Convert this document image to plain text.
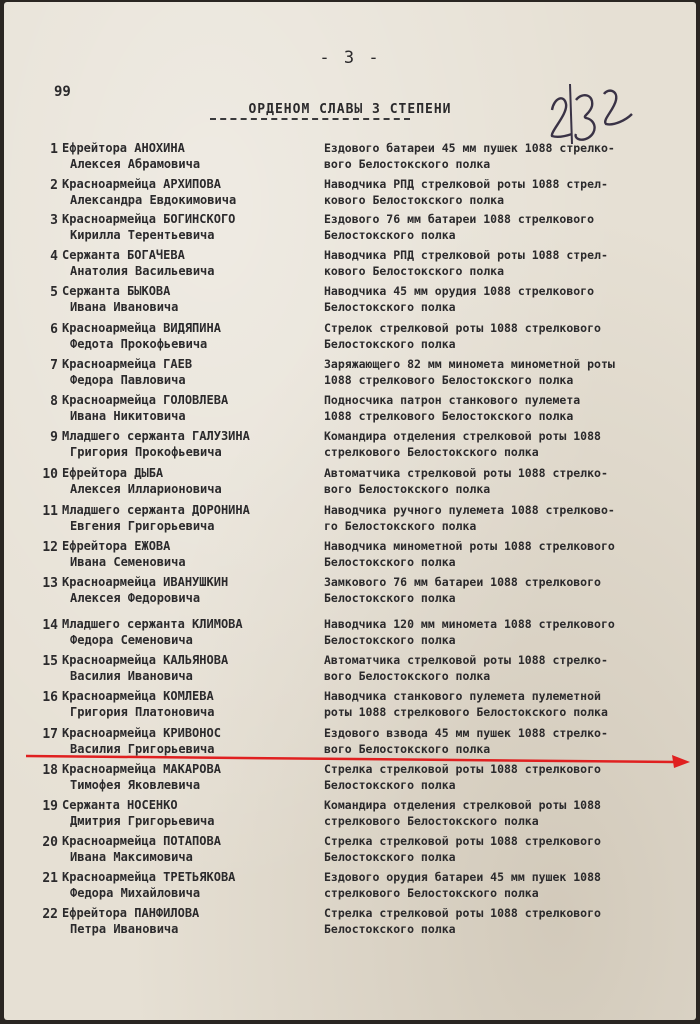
- 3 -
99
283
ОРДЕНОМ СЛАВЫ 3 СТЕПЕНИ
1 Ефрейтора АНОХИНА
Алексея Абрамовича
Ездового батареи 45 мм пушек 1088 стрелко-
вого Белостокского полка
2 Красноармейца АРХИПОВА
Александра Евдокимовича
Наводчика РПД стрелковой роты 1088 стрел-
кового Белостокского полка
3 Красноармейца БОГИНСКОГО
Кирилла Терентьевича
Ездового 76 мм батареи 1088 стрелкового
Белостокского полка
4 Сержанта БОГАЧЕВА
Анатолия Васильевича
Наводчика РПД стрелковой роты 1088 стрел-
кового Белостокского полка
5 Сержанта БЫКОВА
Ивана Ивановича
Наводчика 45 мм орудия 1088 стрелкового
Белостокского полка
6 Красноармейца ВИДЯПИНА
Федота Прокофьевича
Стрелок стрелковой роты 1088 стрелкового
Белостокского полка
7 Красноармейца ГАЕВ
Федора Павловича
Заряжающего 82 мм миномета минометной роты
1088 стрелкового Белостокского полка
8 Красноармейца ГОЛОВЛЕВА
Ивана Никитовича
Подносчика патрон станкового пулемета
1088 стрелкового Белостокского полка
9 Младшего сержанта ГАЛУЗИНА
Григория Прокофьевича
Командира отделения стрелковой роты 1088
стрелкового Белостокского полка
10 Ефрейтора ДЫБА
Алексея Илларионовича
Автоматчика стрелковой роты 1088 стрелко-
вого Белостокского полка
11 Младшего сержанта ДОРОНИНА
Евгения Григорьевича
Наводчика ручного пулемета 1088 стрелково-
го Белостокского полка
12 Ефрейтора ЕЖОВА
Ивана Семеновича
Наводчика минометной роты 1088 стрелкового
Белостокского полка
13 Красноармейца ИВАНУШКИН
Алексея Федоровича
Замкового 76 мм батареи 1088 стрелкового
Белостокского полка
14 Младшего сержанта КЛИМОВА
Федора Семеновича
Наводчика 120 мм миномета 1088 стрелкового
Белостокского полка
15 Красноармейца КАЛЬЯНОВА
Василия Ивановича
Автоматчика стрелковой роты 1088 стрелко-
вого Белостокского полка
16 Красноармейца КОМЛЕВА
Григория Платоновича
Наводчика станкового пулемета пулеметной
роты 1088 стрелкового Белостокского полка
17 Красноармейца КРИВОНОС
Василия Григорьевича
Ездового взвода 45 мм пушек 1088 стрелко-
вого Белостокского полка
18 Красноармейца МАКАРОВА
Тимофея Яковлевича
Стрелка стрелковой роты 1088 стрелкового
Белостокского полка
19 Сержанта НОСЕНКО
Дмитрия Григорьевича
Командира отделения стрелковой роты 1088
стрелкового Белостокского полка
20 Красноармейца ПОТАПОВА
Ивана Максимовича
Стрелка стрелковой роты 1088 стрелкового
Белостокского полка
21 Красноармейца ТРЕТЬЯКОВА
Федора Михайловича
Ездового орудия батареи 45 мм пушек 1088
стрелкового Белостокского полка
22 Ефрейтора ПАНФИЛОВА
Петра Ивановича
Стрелка стрелковой роты 1088 стрелкового
Белостокского полка
